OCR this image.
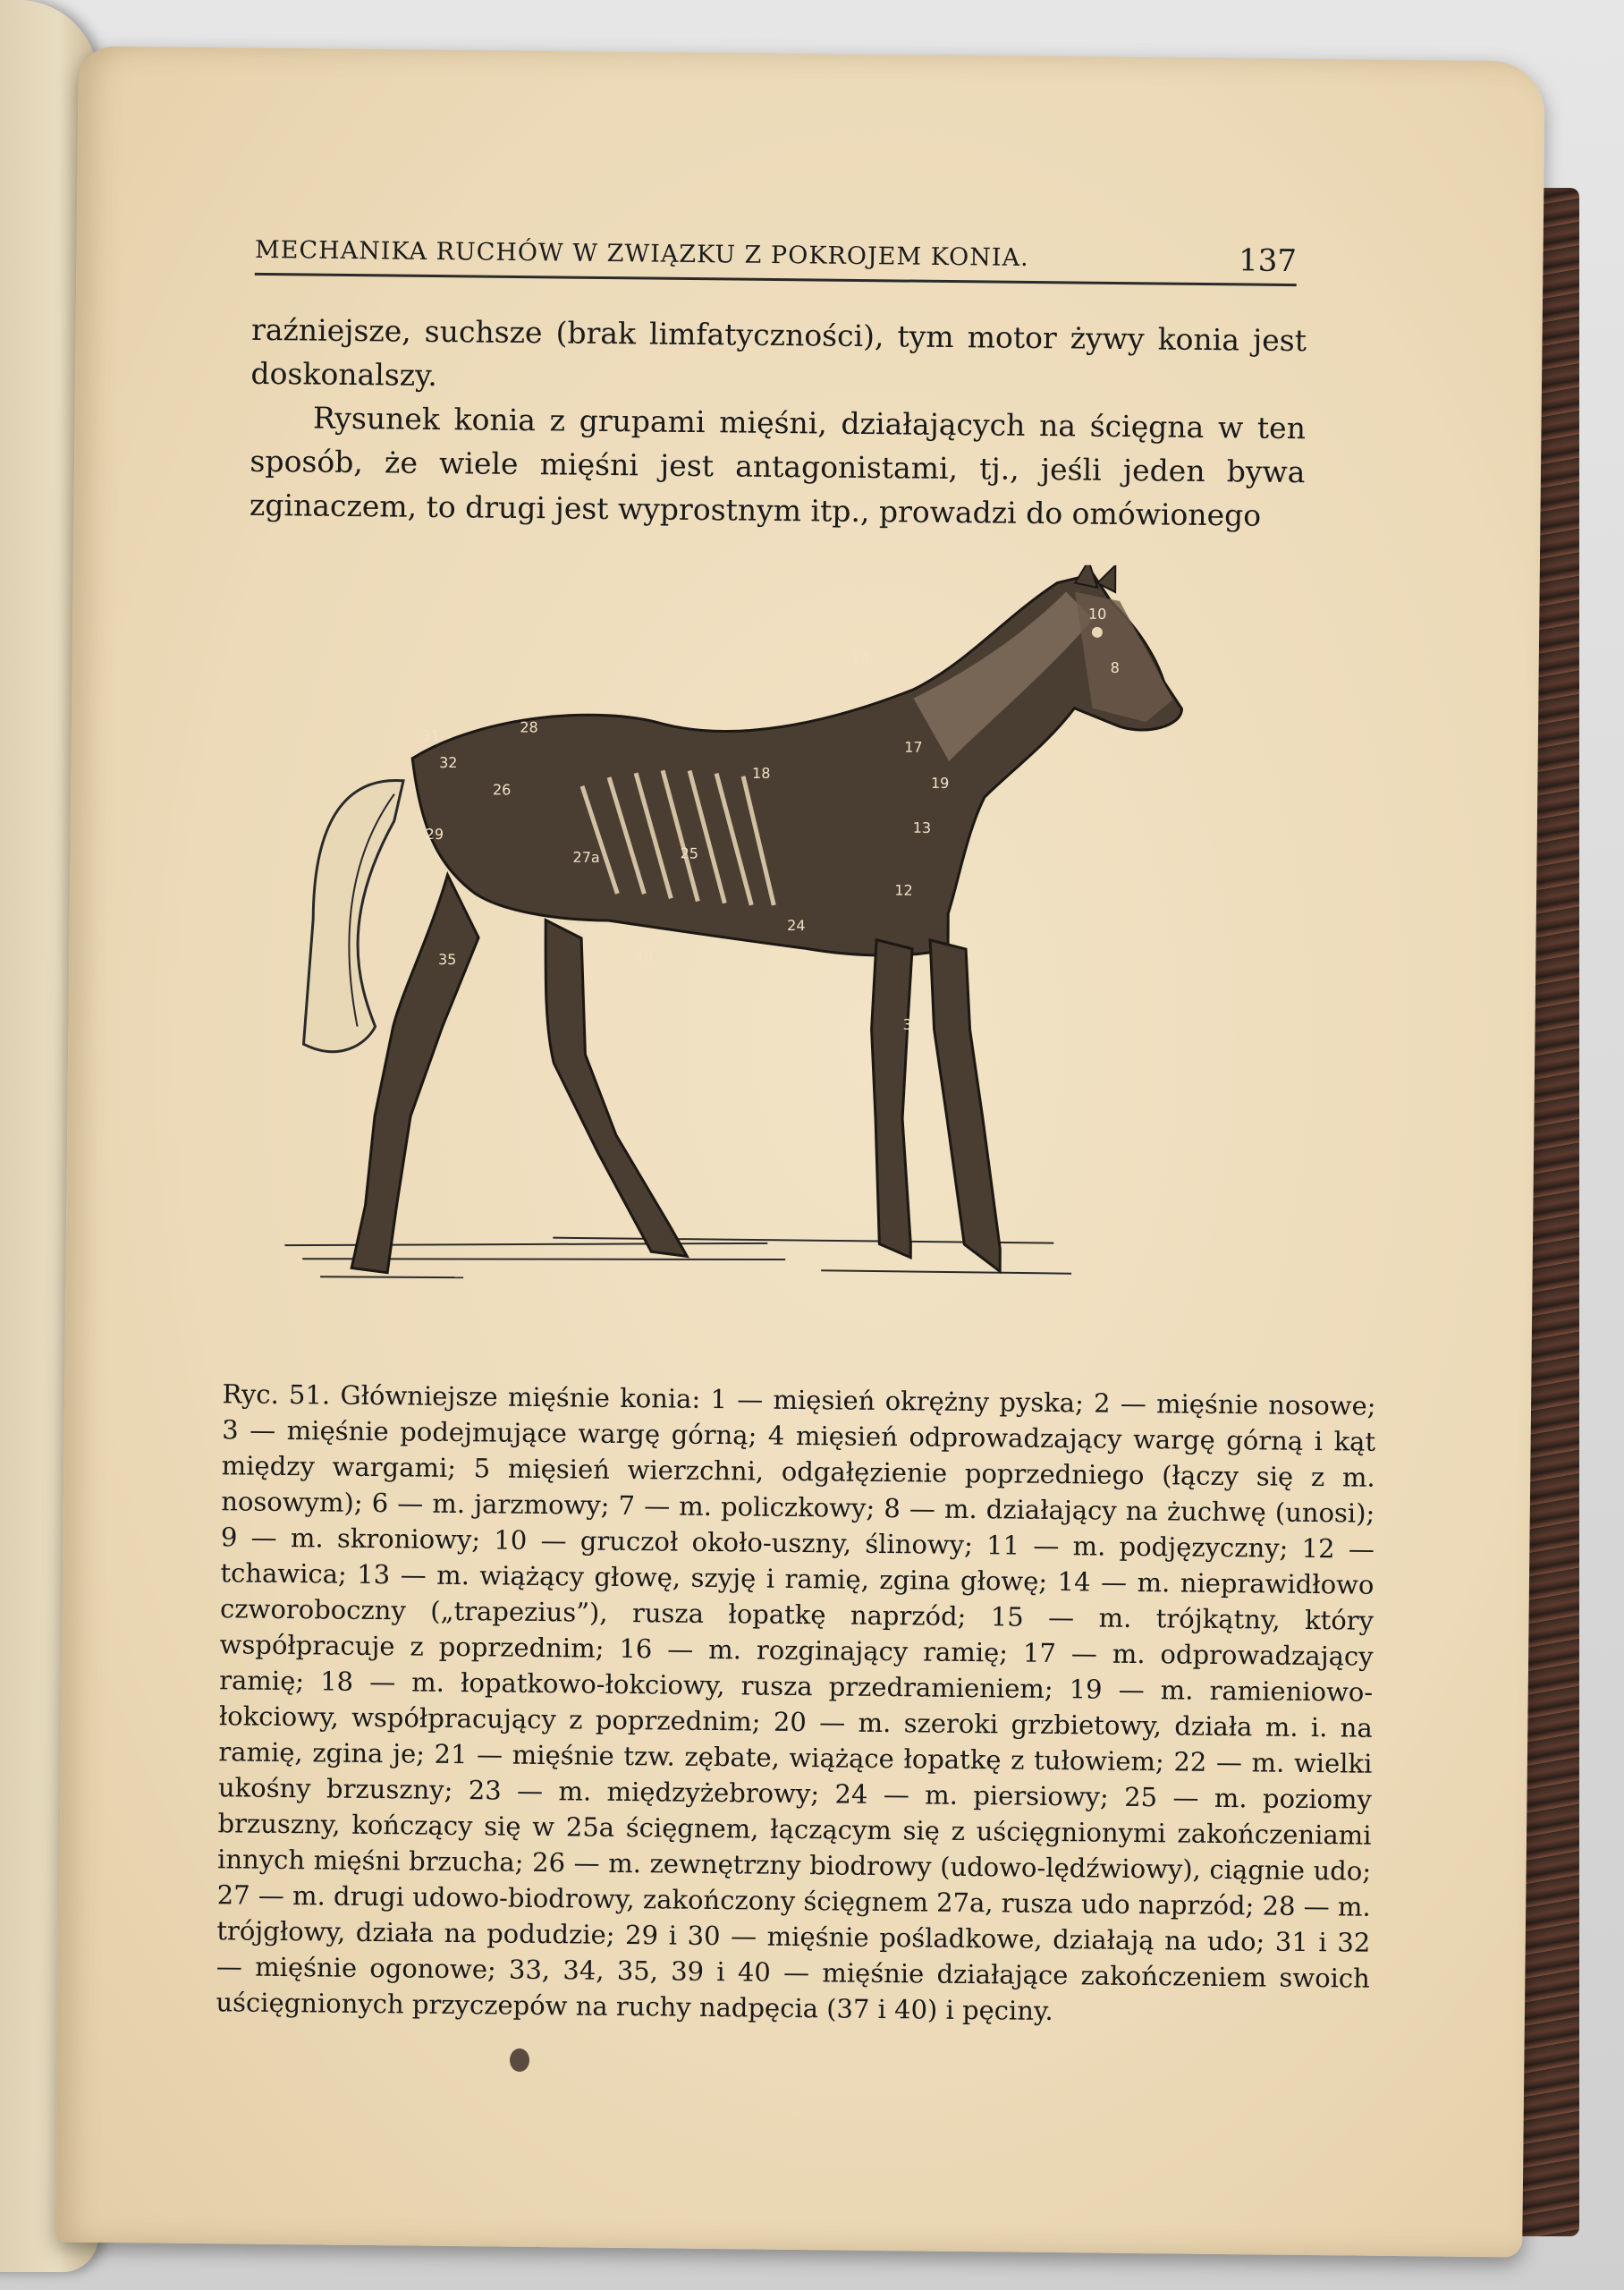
MECHANIKA RUCHÓW W ZWIĄZKU Z POKROJEM KONIA.	137

raźniejsze, suchsze (brak limfatyczności), tym motor żywy konia jest doskonalszy.

Rysunek konia z grupami mięśni, działających na ścięgna w ten sposób, że wiele mięśni jest antagonistami, tj., jeśli jeden bywa zginaczem, to drugi jest wyprostnym itp., prowadzi do omówionego

10
8
17
19
18
28
31
32
29
27a	25
24
13
26
12
35	40
37
14

Ryc. 51. Główniejsze mięśnie konia: 1 — mięsień okrężny pyska; 2 — mięśnie nosowe; 3 — mięśnie podejmujące wargę górną; 4 mięsień odprowadzający wargę górną i kąt między wargami; 5 mięsień wierzchni, odgałęzienie poprzedniego (łączy się z m. nosowym); 6 — m. jarzmowy; 7 — m. policzkowy; 8 — m. działający na żuchwę (unosi); 9 — m. skroniowy; 10 — gruczoł około-uszny, ślinowy; 11 — m. podjęzyczny; 12 — tchawica; 13 — m. wiążący głowę, szyję i ramię, zgina głowę; 14 — m. nieprawidłowo czworoboczny („trapezius”), rusza łopatkę naprzód; 15 — m. trójkątny, który współpracuje z poprzednim; 16 — m. rozginający ramię; 17 — m. odprowadzający ramię; 18 — m. łopatkowo-łokciowy, rusza przedramieniem; 19 — m. ramieniowo-łokciowy, współpracujący z poprzednim; 20 — m. szeroki grzbietowy, działa m. i. na ramię, zgina je; 21 — mięśnie tzw. zębate, wiążące łopatkę z tułowiem; 22 — m. wielki ukośny brzuszny; 23 — m. międzyżebrowy; 24 — m. piersiowy; 25 — m. poziomy brzuszny, kończący się w 25a ścięgnem, łączącym się z uścięgnionymi zakończeniami innych mięśni brzucha; 26 — m. zewnętrzny biodrowy (udowo-lędźwiowy), ciągnie udo; 27 — m. drugi udowo-biodrowy, zakończony ścięgnem 27a, rusza udo naprzód; 28 — m. trójgłowy, działa na podudzie; 29 i 30 — mięśnie pośladkowe, działają na udo; 31 i 32 — mięśnie ogonowe; 33, 34, 35, 39 i 40 — mięśnie działające zakończeniem swoich uścięgnionych przyczepów na ruchy nadpęcia (37 i 40) i pęciny.
